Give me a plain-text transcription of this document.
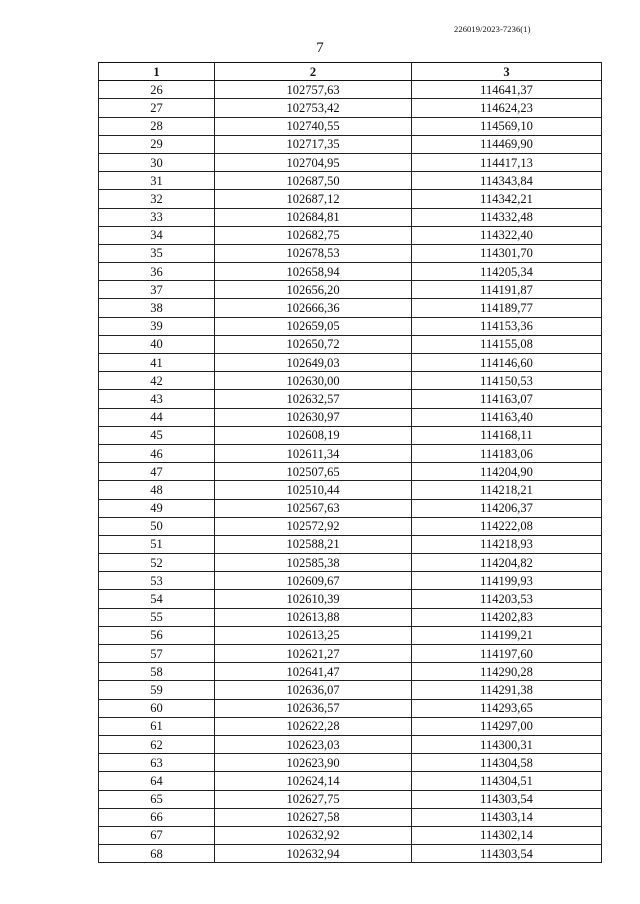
226019/2023-7236(1)
7
1	2	3
26	102757,63	114641,37
27	102753,42	114624,23
28	102740,55	114569,10
29	102717,35	114469,90
30	102704,95	114417,13
31	102687,50	114343,84
32	102687,12	114342,21
33	102684,81	114332,48
34	102682,75	114322,40
35	102678,53	114301,70
36	102658,94	114205,34
37	102656,20	114191,87
38	102666,36	114189,77
39	102659,05	114153,36
40	102650,72	114155,08
41	102649,03	114146,60
42	102630,00	114150,53
43	102632,57	114163,07
44	102630,97	114163,40
45	102608,19	114168,11
46	102611,34	114183,06
47	102507,65	114204,90
48	102510,44	114218,21
49	102567,63	114206,37
50	102572,92	114222,08
51	102588,21	114218,93
52	102585,38	114204,82
53	102609,67	114199,93
54	102610,39	114203,53
55	102613,88	114202,83
56	102613,25	114199,21
57	102621,27	114197,60
58	102641,47	114290,28
59	102636,07	114291,38
60	102636,57	114293,65
61	102622,28	114297,00
62	102623,03	114300,31
63	102623,90	114304,58
64	102624,14	114304,51
65	102627,75	114303,54
66	102627,58	114303,14
67	102632,92	114302,14
68	102632,94	114303,54
